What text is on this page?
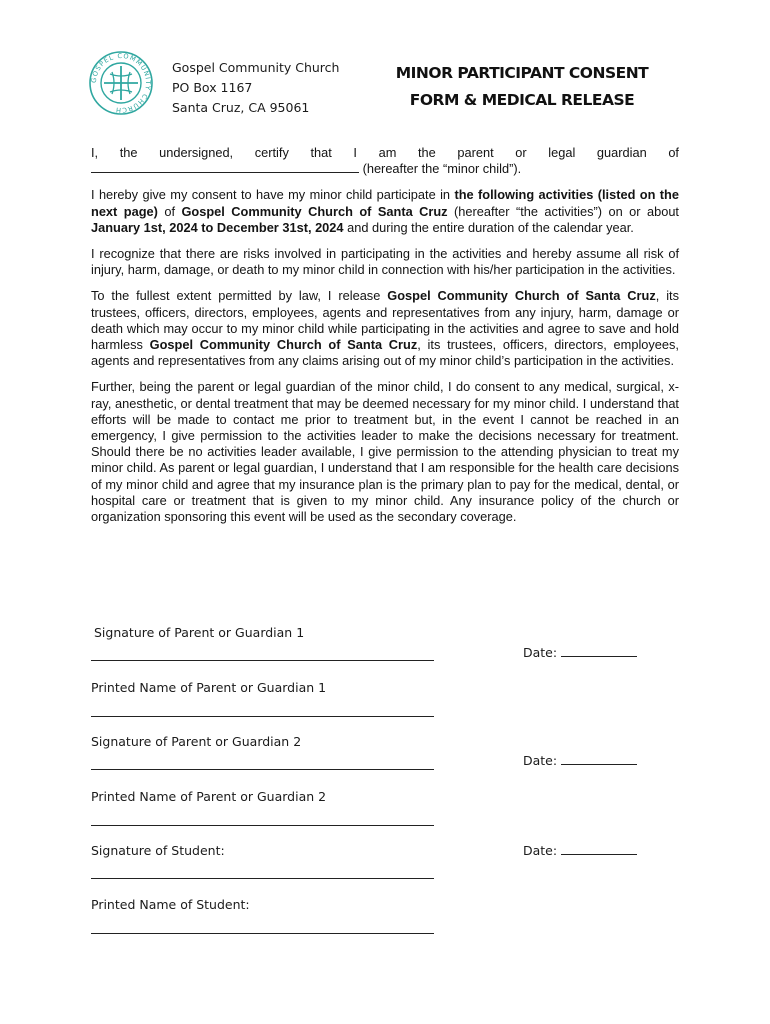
GOSPEL COMMUNITY CHURCH
Gospel Community Church
PO Box 1167
Santa Cruz, CA 95061
MINOR PARTICIPANT CONSENT
FORM & MEDICAL RELEASE

I, the undersigned, certify that I am the parent or legal guardian of
(hereafter the “minor child”).

I hereby give my consent to have my minor child participate in the following activities (listed on the next page) of Gospel Community Church of Santa Cruz (hereafter “the activities”) on or about January 1st, 2024 to December 31st, 2024 and during the entire duration of the calendar year.

I recognize that there are risks involved in participating in the activities and hereby assume all risk of injury, harm, damage, or death to my minor child in connection with his/her participation in the activities.

To the fullest extent permitted by law, I release Gospel Community Church of Santa Cruz, its trustees, officers, directors, employees, agents and representatives from any injury, harm, damage or death which may occur to my minor child while participating in the activities and agree to save and hold harmless Gospel Community Church of Santa Cruz, its trustees, officers, directors, employees, agents and representatives from any claims arising out of my minor child’s participation in the activities.

Further, being the parent or legal guardian of the minor child, I do consent to any medical, surgical, x-ray, anesthetic, or dental treatment that may be deemed necessary for my minor child. I understand that efforts will be made to contact me prior to treatment but, in the event I cannot be reached in an emergency, I give permission to the activities leader to make the decisions necessary for treatment. Should there be no activities leader available, I give permission to the attending physician to treat my minor child. As parent or legal guardian, I understand that I am responsible for the health care decisions of my minor child and agree that my insurance plan is the primary plan to pay for the medical, dental, or hospital care or treatment that is given to my minor child. Any insurance policy of the church or organization sponsoring this event will be used as the secondary coverage.

Signature of Parent or Guardian 1
Date:
Printed Name of Parent or Guardian 1
Signature of Parent or Guardian 2
Date:
Printed Name of Parent or Guardian 2
Signature of Student:	Date:
Printed Name of Student:
